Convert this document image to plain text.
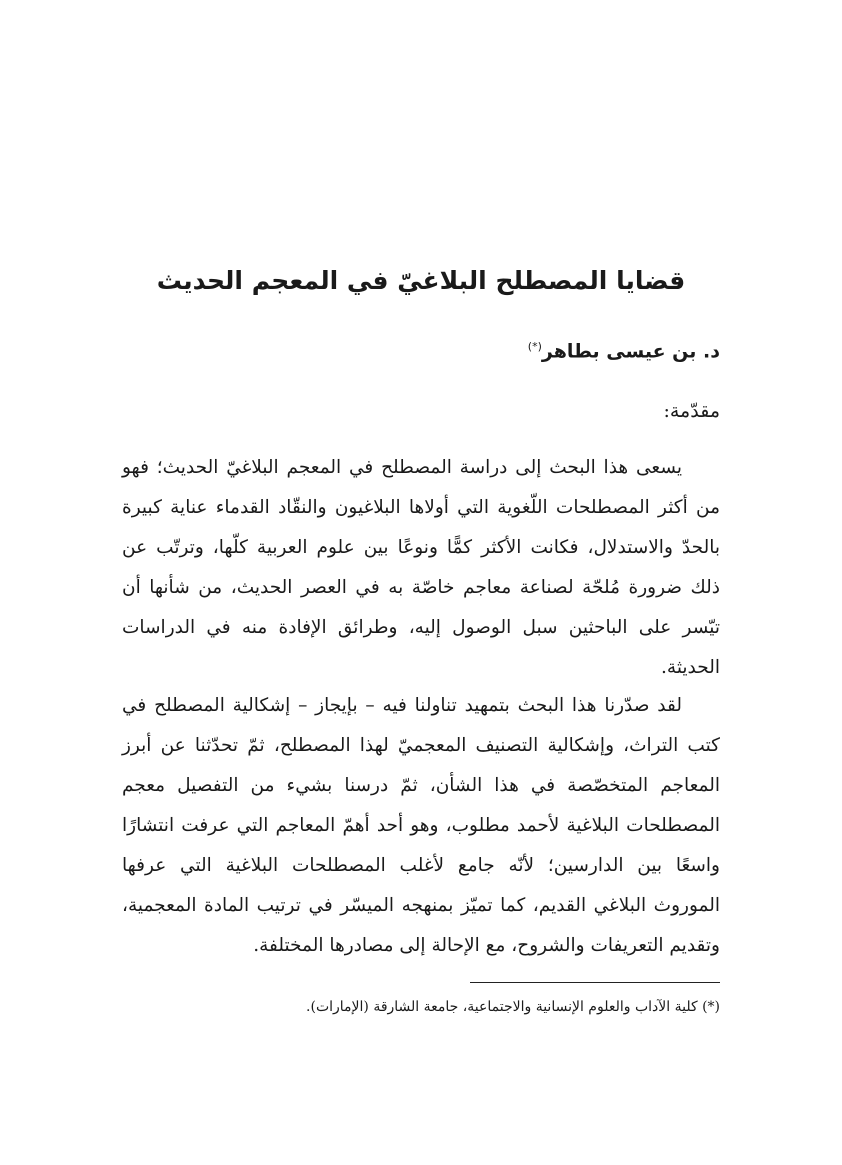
قضايا المصطلح البلاغيّ في المعجم الحديث
د. بن عيسى بطاهر(*)
مقدّمة:

يسعى هذا البحث إلى دراسة المصطلح في المعجم البلاغيّ الحديث؛ فهو من أكثر المصطلحات اللّغوية التي أولاها البلاغيون والنقّاد القدماء عناية كبيرة بالحدّ والاستدلال، فكانت الأكثر كمًّا ونوعًا بين علوم العربية كلّها، وترتّب عن ذلك ضرورة مُلحّة لصناعة معاجم خاصّة به في العصر الحديث، من شأنها أن تيّسر على الباحثين سبل الوصول إليه، وطرائق الإفادة منه في الدراسات الحديثة.

لقد صدّرنا هذا البحث بتمهيد تناولنا فيه – بإيجاز – إشكالية المصطلح في كتب التراث، وإشكالية التصنيف المعجميّ لهذا المصطلح، ثمّ تحدّثنا عن أبرز المعاجم المتخصّصة في هذا الشأن، ثمّ درسنا بشيء من التفصيل معجم المصطلحات البلاغية لأحمد مطلوب، وهو أحد أهمّ المعاجم التي عرفت انتشارًا واسعًا بين الدارسين؛ لأنّه جامع لأغلب المصطلحات البلاغية التي عرفها الموروث البلاغي القديم، كما تميّز بمنهجه الميسّر في ترتيب المادة المعجمية، وتقديم التعريفات والشروح، مع الإحالة إلى مصادرها المختلفة.

(*) كلية الآداب والعلوم الإنسانية والاجتماعية، جامعة الشارقة (الإمارات).
